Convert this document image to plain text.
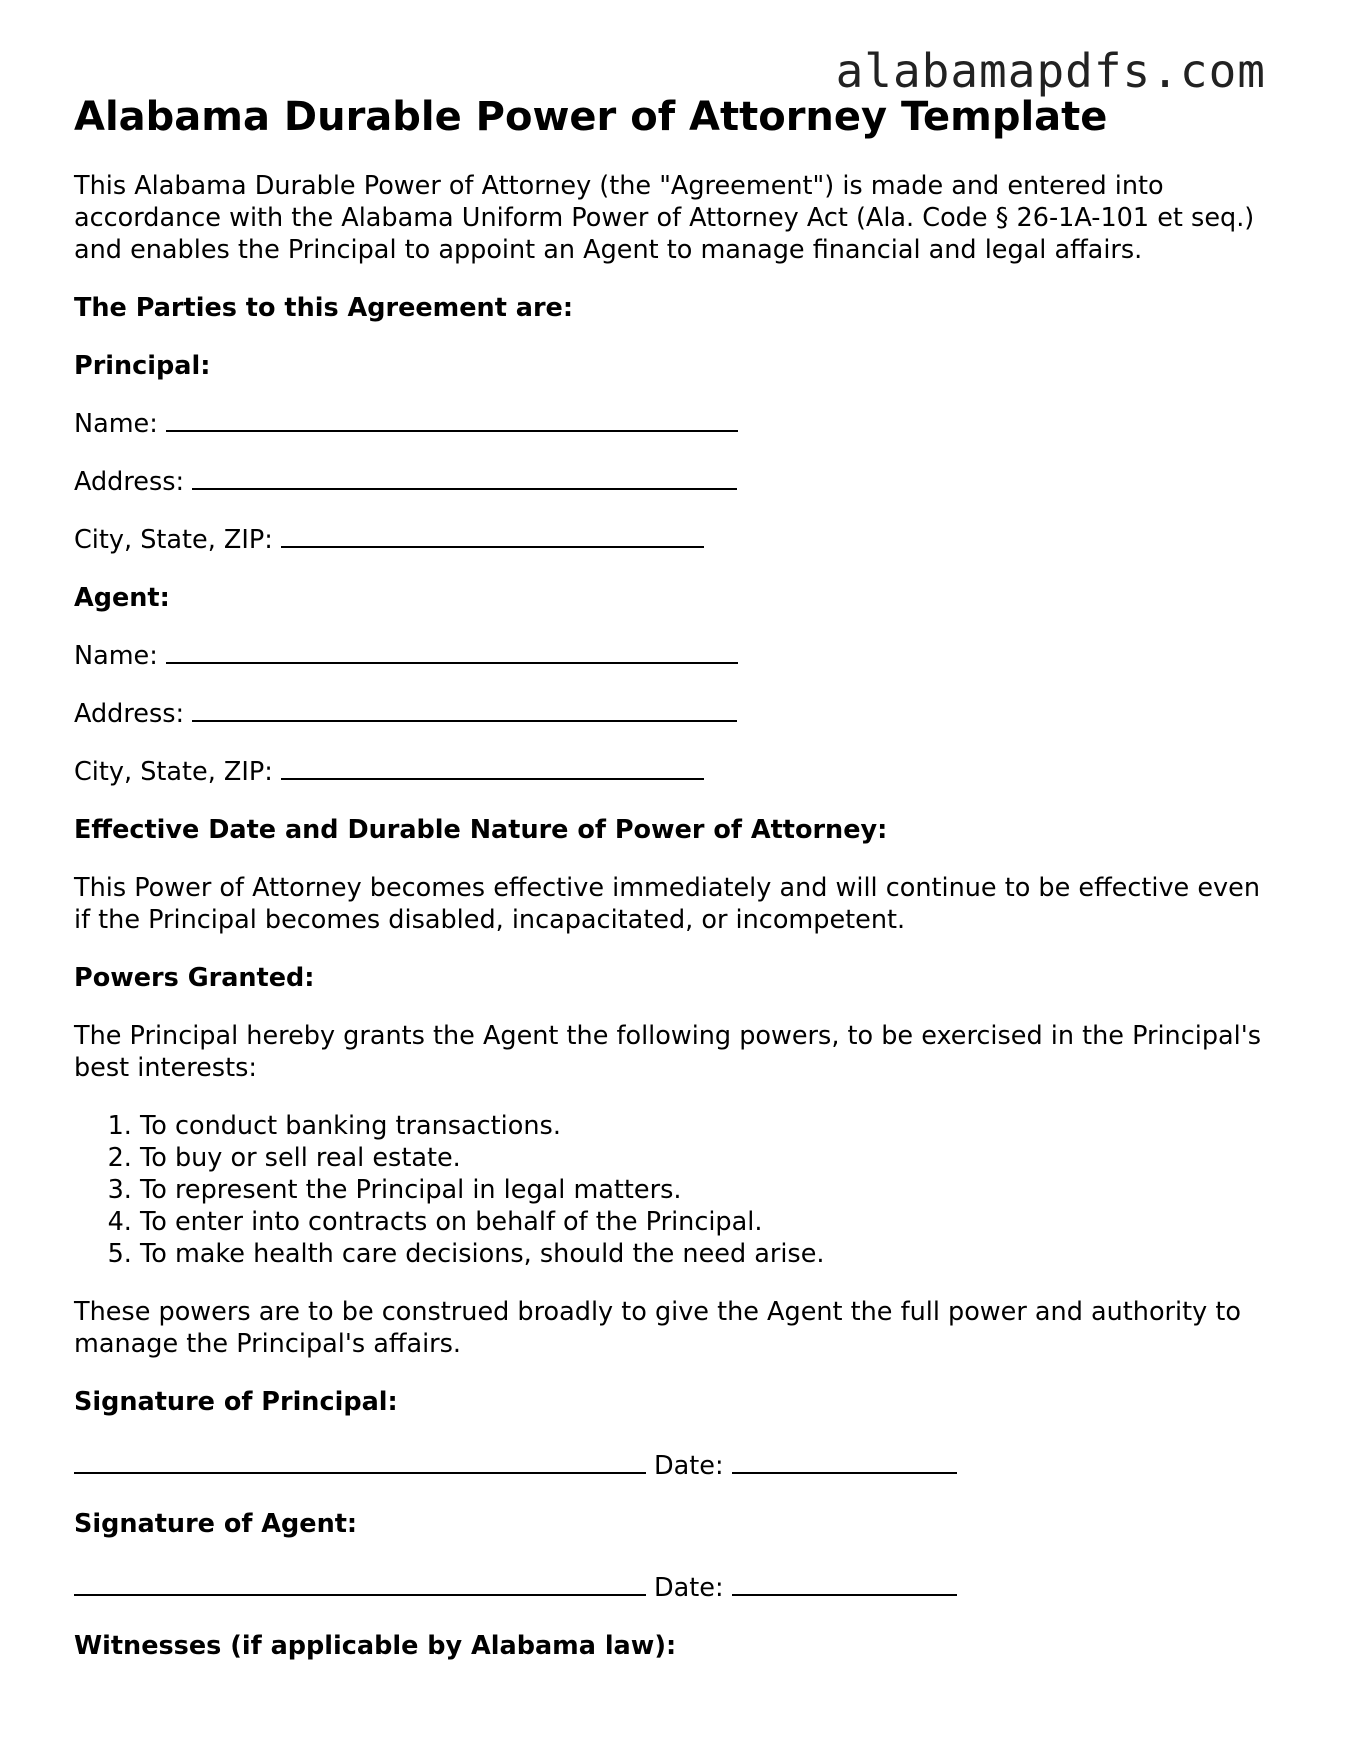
alabamapdfs.com
Alabama Durable Power of Attorney Template

This Alabama Durable Power of Attorney (the "Agreement") is made and entered into accordance with the Alabama Uniform Power of Attorney Act (Ala. Code § 26-1A-101 et seq.) and enables the Principal to appoint an Agent to manage financial and legal affairs.

The Parties to this Agreement are:

Principal:

Name:

Address:

City, State, ZIP:

Agent:

Name:

Address:

City, State, ZIP:

Effective Date and Durable Nature of Power of Attorney:

This Power of Attorney becomes effective immediately and will continue to be effective even if the Principal becomes disabled, incapacitated, or incompetent.

Powers Granted:

The Principal hereby grants the Agent the following powers, to be exercised in the Principal's best interests:

1. To conduct banking transactions.
2. To buy or sell real estate.
3. To represent the Principal in legal matters.
4. To enter into contracts on behalf of the Principal.
5. To make health care decisions, should the need arise.

These powers are to be construed broadly to give the Agent the full power and authority to manage the Principal's affairs.

Signature of Principal:

Date:

Signature of Agent:

Date:

Witnesses (if applicable by Alabama law):
